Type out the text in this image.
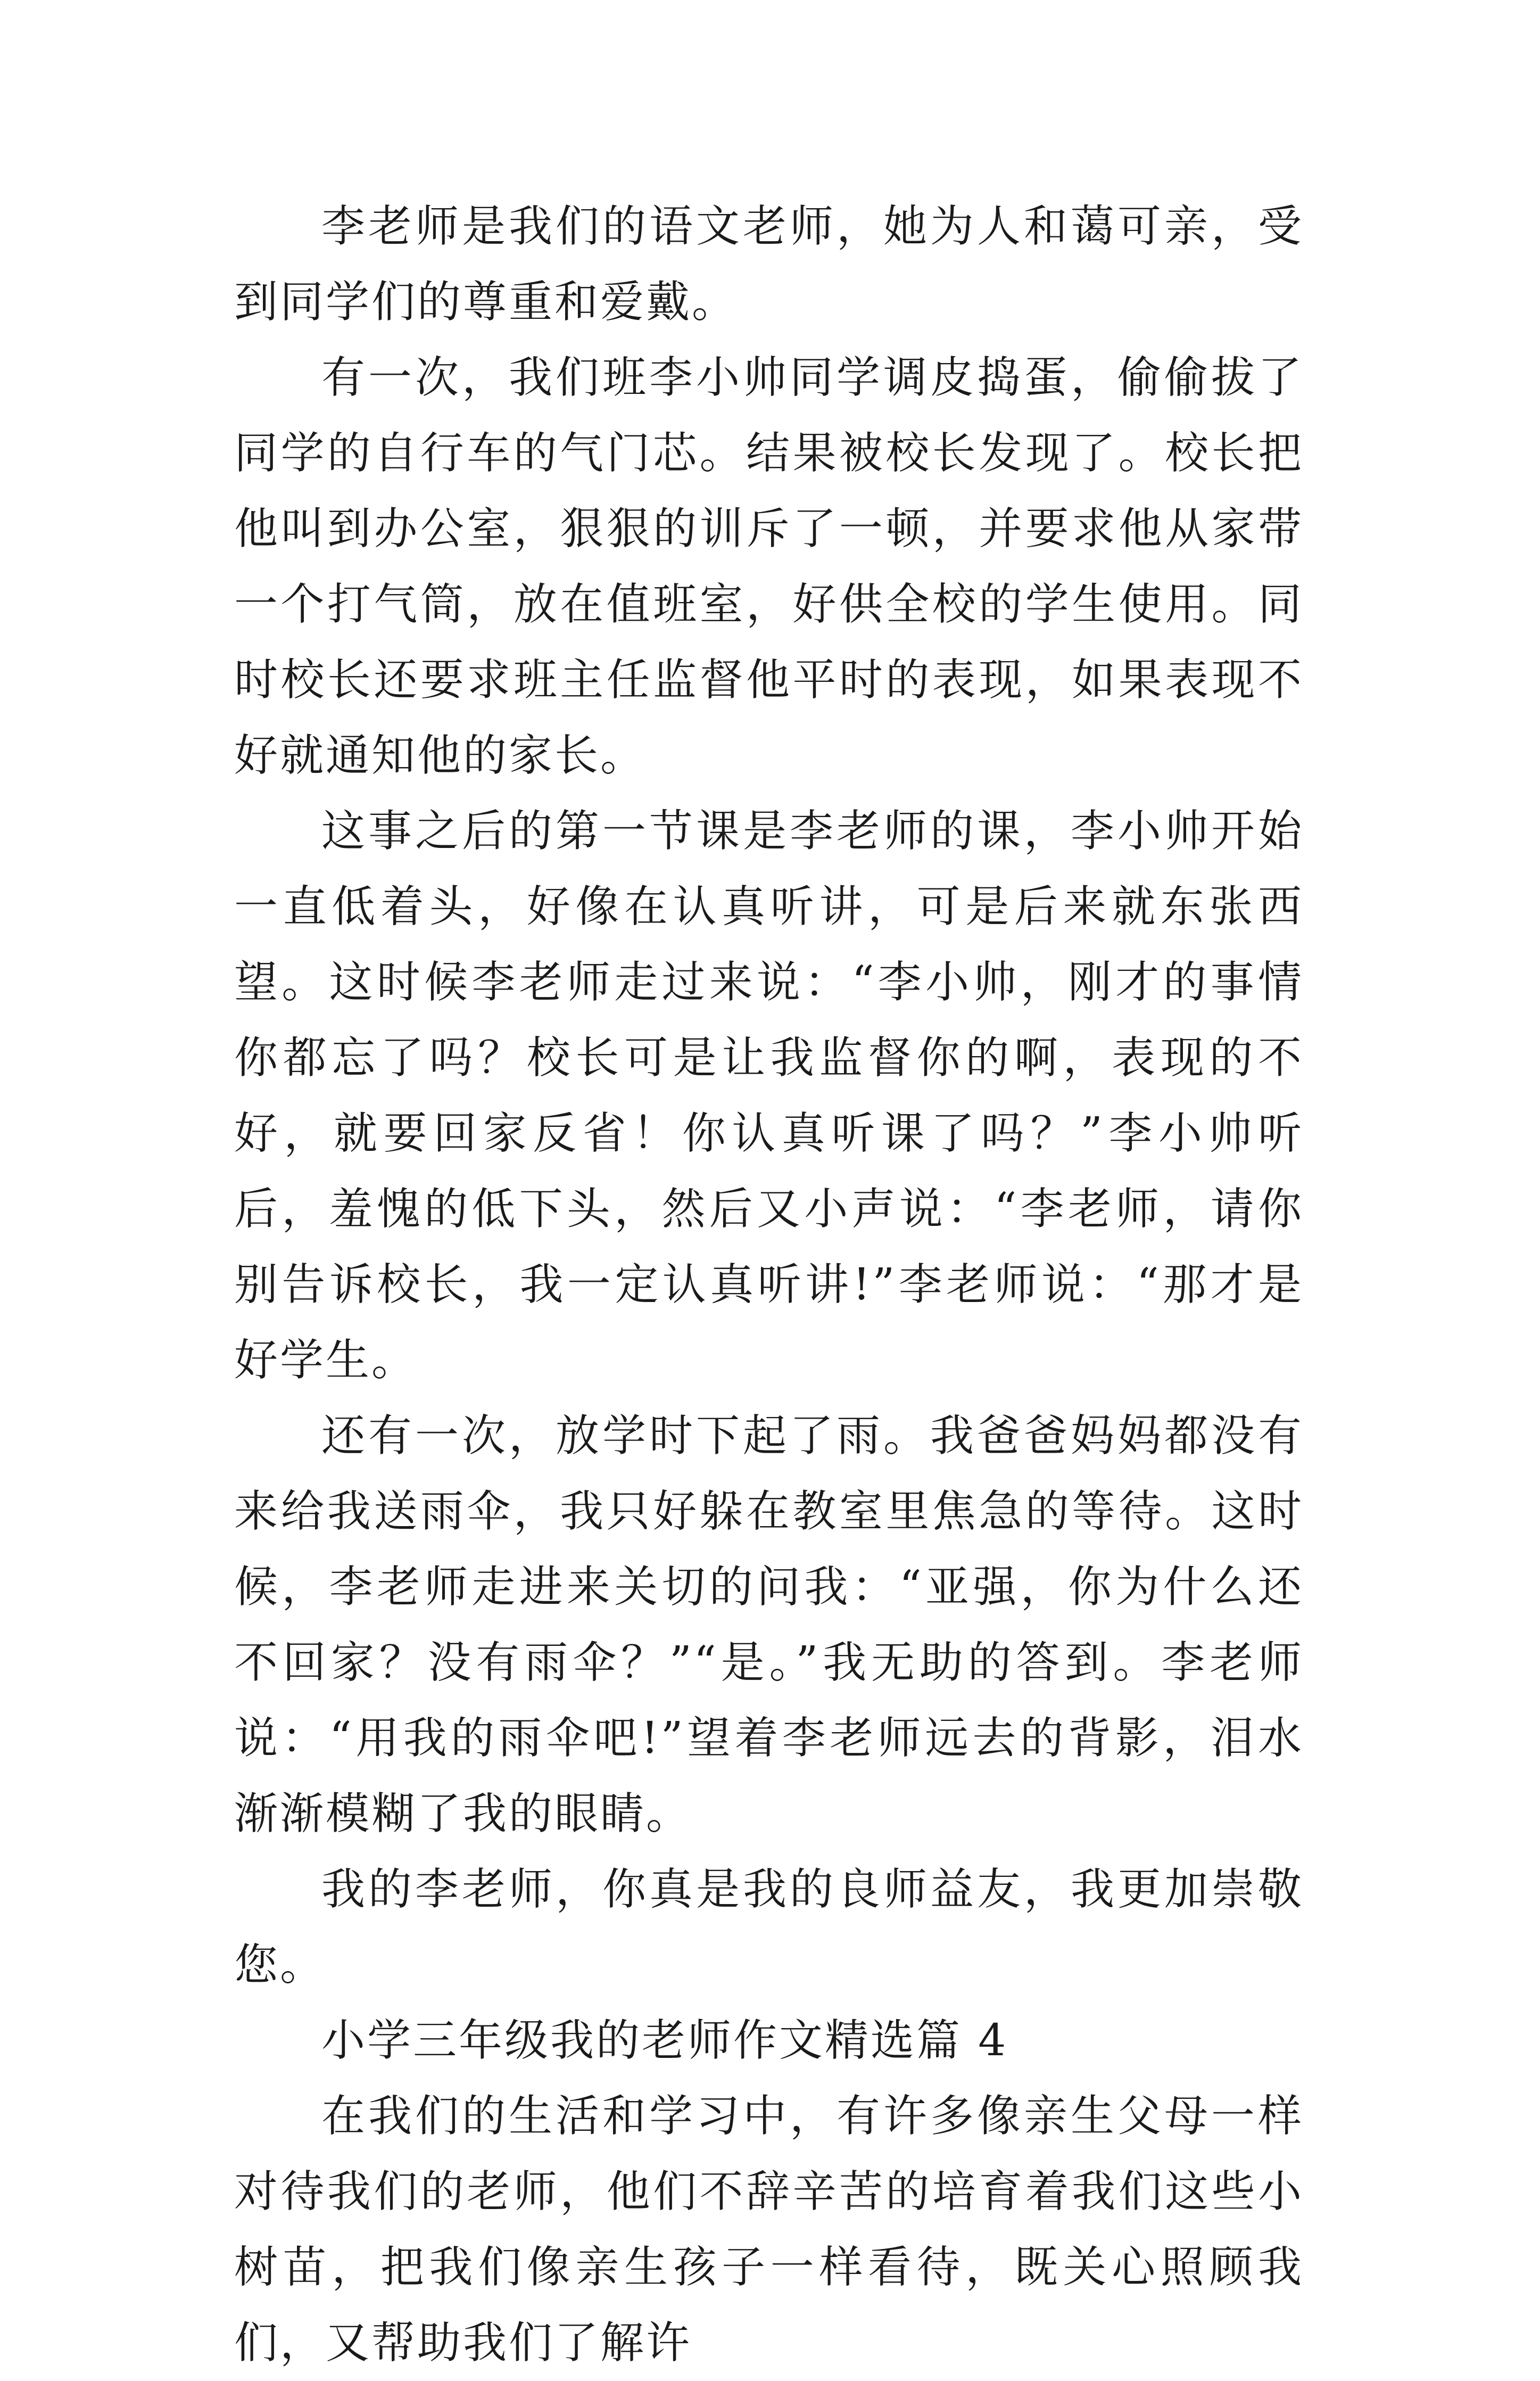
李老师是我们的语文老师，她为人和蔼可亲，受到同学们的尊重和爱戴。

有一次，我们班李小帅同学调皮捣蛋，偷偷拔了同学的自行车的气门芯。结果被校长发现了。校长把他叫到办公室，狠狠的训斥了一顿，并要求他从家带一个打气筒，放在值班室，好供全校的学生使用。同时校长还要求班主任监督他平时的表现，如果表现不好就通知他的家长。

这事之后的第一节课是李老师的课，李小帅开始一直低着头，好像在认真听讲，可是后来就东张西望。这时候李老师走过来说：“李小帅，刚才的事情你都忘了吗？校长可是让我监督你的啊，表现的不好，就要回家反省！你认真听课了吗？”李小帅听后，羞愧的低下头，然后又小声说：“李老师，请你别告诉校长，我一定认真听讲!”李老师说：“那才是好学生。

还有一次，放学时下起了雨。我爸爸妈妈都没有来给我送雨伞，我只好躲在教室里焦急的等待。这时候，李老师走进来关切的问我：“亚强，你为什么还不回家？没有雨伞？”“是。”我无助的答到。李老师说：“用我的雨伞吧!”望着李老师远去的背影，泪水渐渐模糊了我的眼睛。

我的李老师，你真是我的良师益友，我更加崇敬您。

小学三年级我的老师作文精选篇 4

在我们的生活和学习中，有许多像亲生父母一样对待我们的老师，他们不辞辛苦的培育着我们这些小树苗，把我们像亲生孩子一样看待，既关心照顾我们，又帮助我们了解许
